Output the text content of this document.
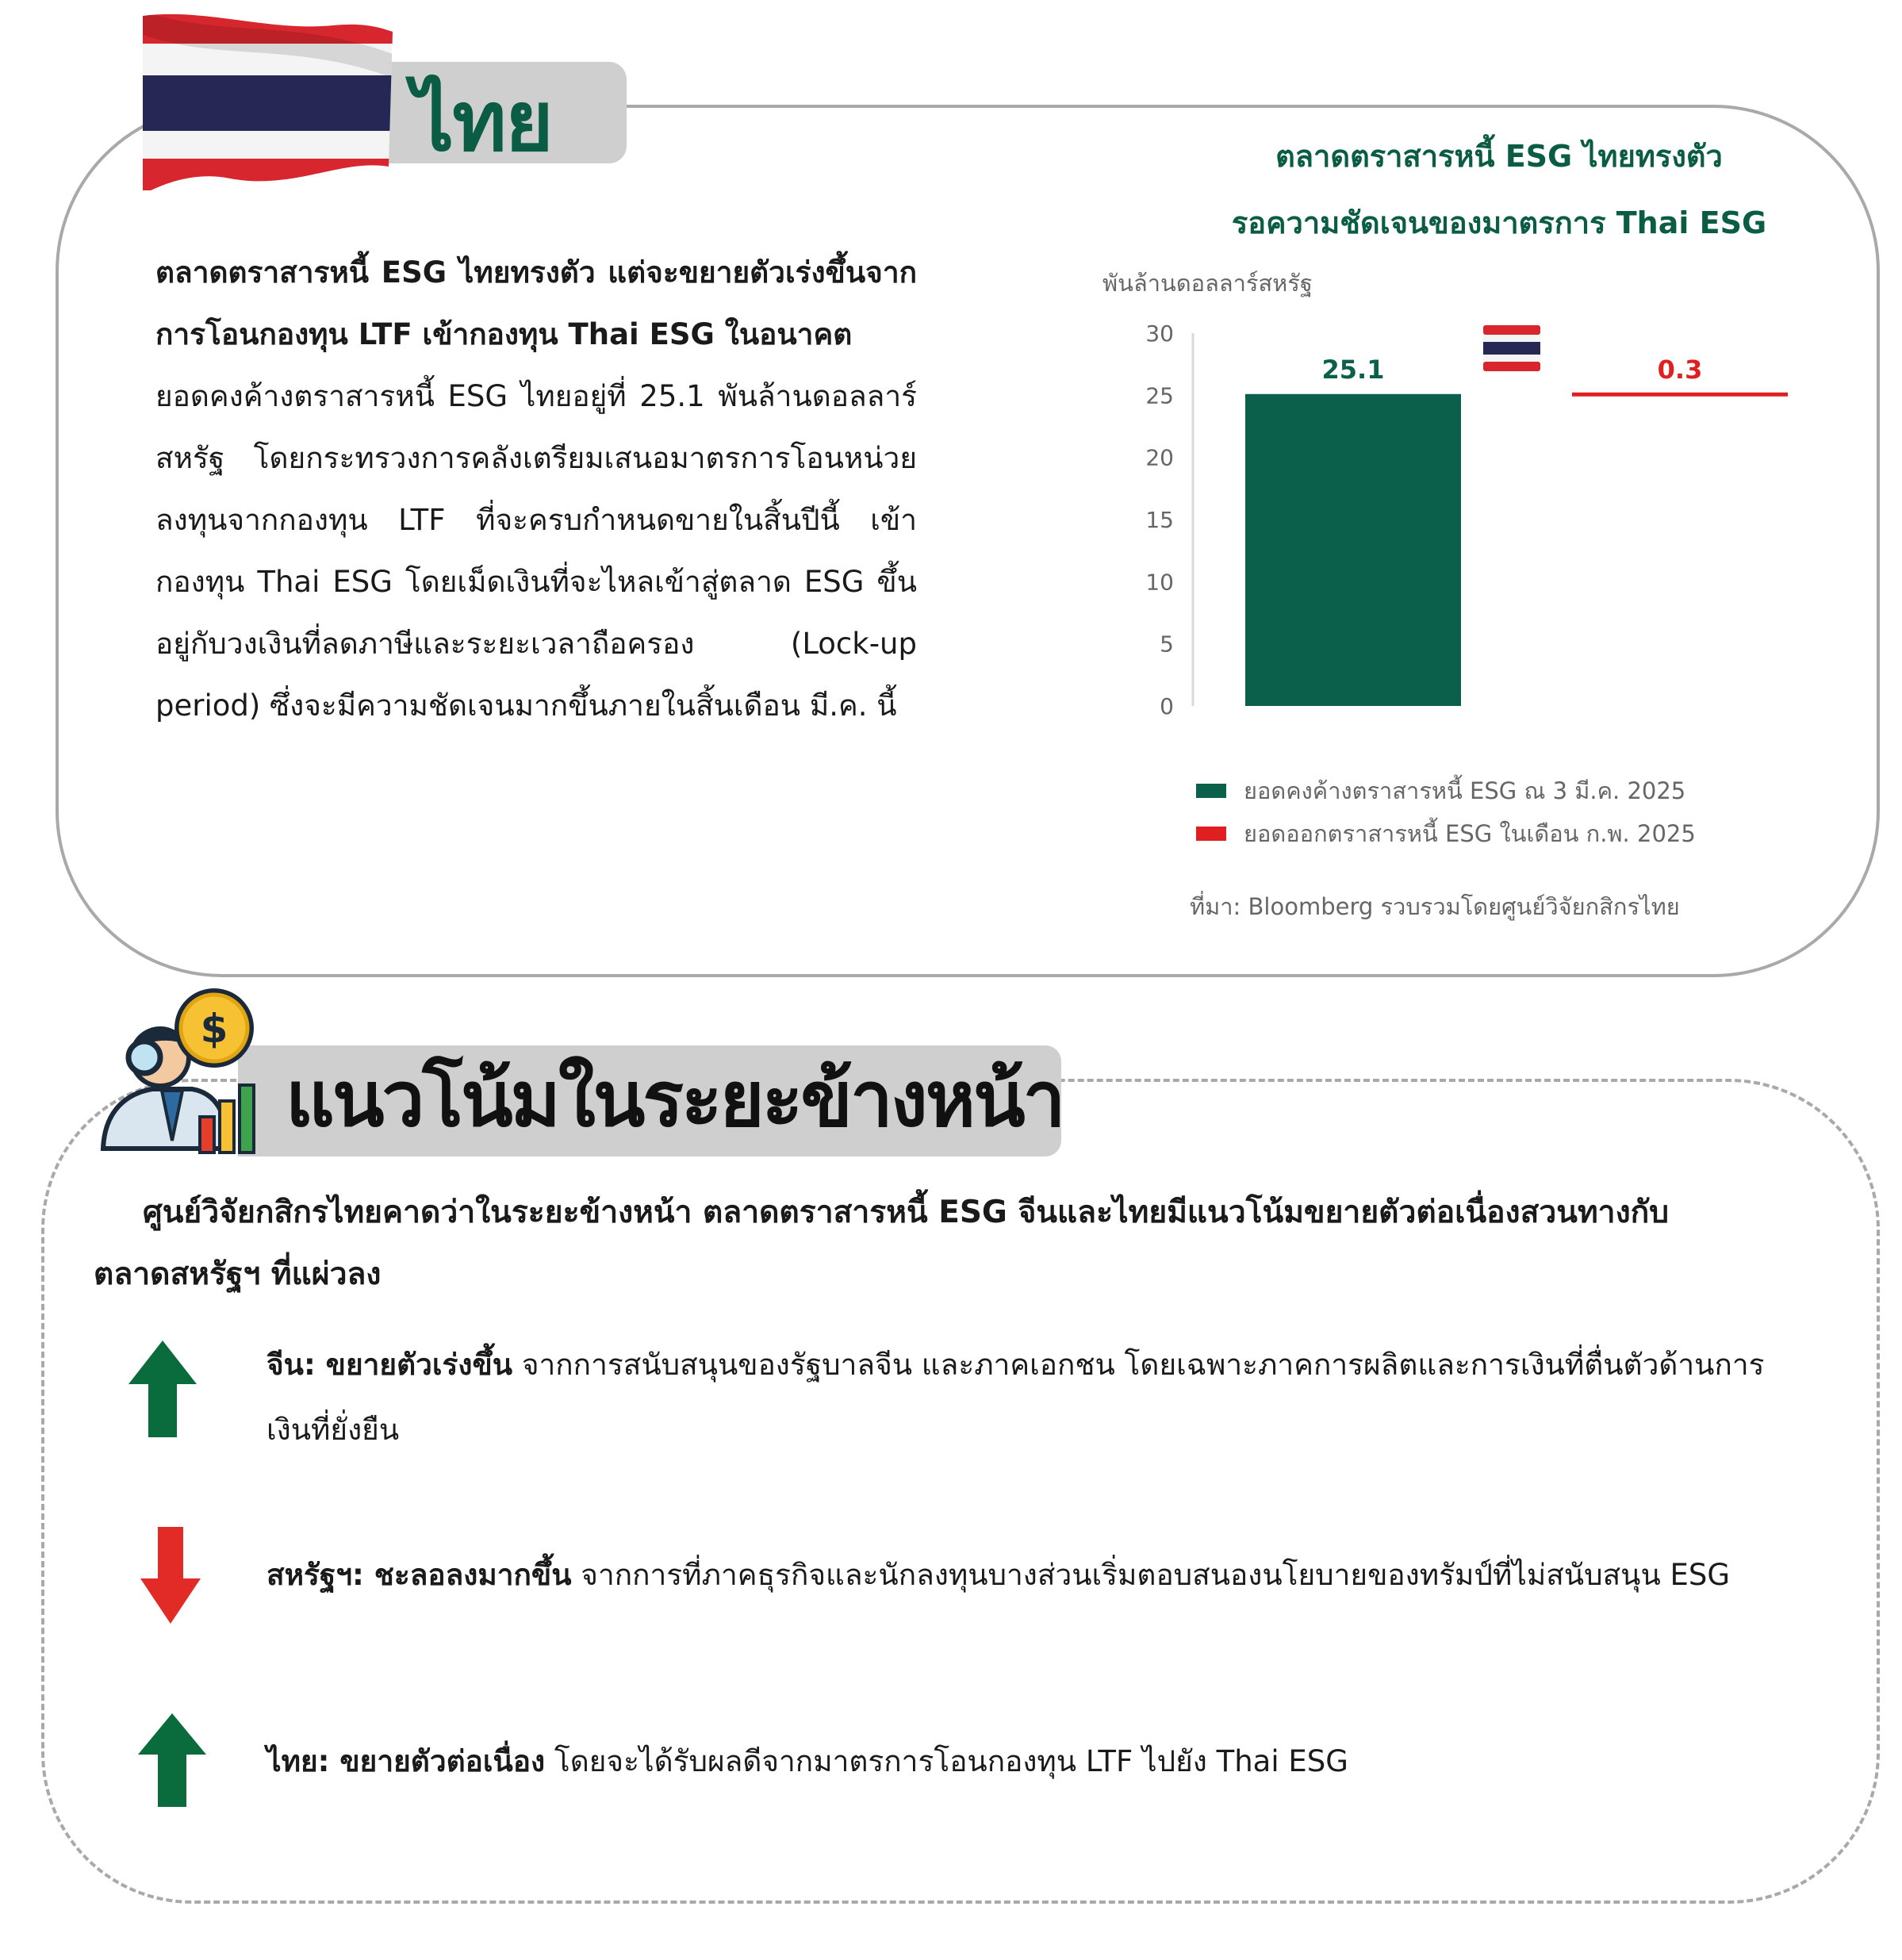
ไทย

ตลาดตราสารหนี้ ESG ไทยทรงตัว แต่จะขยายตัวเร่งขึ้นจากการโอนกองทุน LTF เข้ากองทุน Thai ESG ในอนาคต
ยอดคงค้างตราสารหนี้ ESG ไทยอยู่ที่ 25.1 พันล้านดอลลาร์สหรัฐ โดยกระทรวงการคลังเตรียมเสนอมาตรการโอนหน่วยลงทุนจากกองทุน LTF ที่จะครบกำหนดขายในสิ้นปีนี้ เข้ากองทุน Thai ESG โดยเม็ดเงินที่จะไหลเข้าสู่ตลาด ESG ขึ้นอยู่กับวงเงินที่ลดภาษีและระยะเวลาถือครอง (Lock-up period) ซึ่งจะมีความชัดเจนมากขึ้นภายในสิ้นเดือน มี.ค. นี้

ตลาดตราสารหนี้ ESG ไทยทรงตัว
รอความชัดเจนของมาตรการ Thai ESG
พันล้านดอลลาร์สหรัฐ
0
5
10
15
20
25
30
25.1	0.3
ยอดคงค้างตราสารหนี้ ESG ณ 3 มี.ค. 2025
ยอดออกตราสารหนี้ ESG ในเดือน ก.พ. 2025
ที่มา: Bloomberg รวบรวมโดยศูนย์วิจัยกสิกรไทย
แนวโน้มในระยะข้างหน้า
$
ศูนย์วิจัยกสิกรไทยคาดว่าในระยะข้างหน้า ตลาดตราสารหนี้ ESG จีนและไทยมีแนวโน้มขยายตัวต่อเนื่องสวนทางกับตลาดสหรัฐฯ ที่แผ่วลง
จีน: ขยายตัวเร่งขึ้น จากการสนับสนุนของรัฐบาลจีน และภาคเอกชน โดยเฉพาะภาคการผลิตและการเงินที่ตื่นตัวด้านการเงินที่ยั่งยืน
สหรัฐฯ: ชะลอลงมากขึ้น จากการที่ภาคธุรกิจและนักลงทุนบางส่วนเริ่มตอบสนองนโยบายของทรัมป์ที่ไม่สนับสนุน ESG
ไทย: ขยายตัวต่อเนื่อง โดยจะได้รับผลดีจากมาตรการโอนกองทุน LTF ไปยัง Thai ESG
